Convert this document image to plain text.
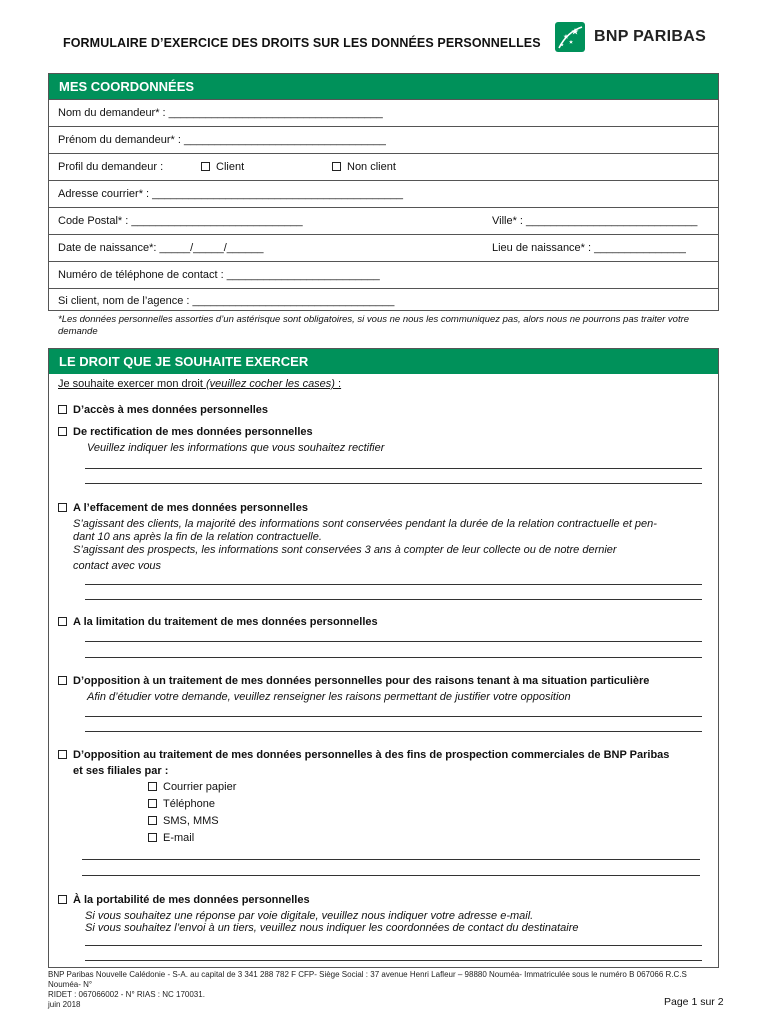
FORMULAIRE D’EXERCICE DES DROITS SUR LES DONNÉES PERSONNELLES	BNP PARIBAS
MES COORDONNÉES
Nom du demandeur* : ___________________________________
Prénom du demandeur* : _________________________________
Profil du demandeur :	Client	Non client
Adresse courrier* : _________________________________________
Code Postal* : ____________________________	Ville* : ____________________________
Date de naissance*: _____/_____/______	Lieu de naissance* : _______________
Numéro de téléphone de contact : _________________________
Si client, nom de l’agence : _________________________________
*Les données personnelles assorties d’un astérisque sont obligatoires, si vous ne nous les communiquez pas, alors nous ne pourrons pas traiter votre demande
LE DROIT QUE JE SOUHAITE EXERCER
Je souhaite exercer mon droit (veuillez cocher les cases) :
D’accès à mes données personnelles
De rectification de mes données personnelles
Veuillez indiquer les informations que vous souhaitez rectifier
A l’effacement de mes données personnelles
S’agissant des clients, la majorité des informations sont conservées pendant la durée de la relation contractuelle et pen-
dant 10 ans après la fin de la relation contractuelle.
S’agissant des prospects, les informations sont conservées 3 ans à compter de leur collecte ou de notre dernier
contact avec vous
A la limitation du traitement de mes données personnelles
D’opposition à un traitement de mes données personnelles pour des raisons tenant à ma situation particulière
Afin d’étudier votre demande, veuillez renseigner les raisons permettant de justifier votre opposition
D’opposition au traitement de mes données personnelles à des fins de prospection commerciales de BNP Paribas
et ses filiales par :
Courrier papier
Téléphone
SMS, MMS
E-mail
À la portabilité de mes données personnelles
Si vous souhaitez une réponse par voie digitale, veuillez nous indiquer votre adresse e-mail.
Si vous souhaitez l’envoi à un tiers, veuillez nous indiquer les coordonnées de contact du destinataire
BNP Paribas Nouvelle Calédonie - S-A. au capital de 3 341 288 782 F CFP- Siège Social : 37 avenue Henri Lafleur – 98880 Nouméa- Immatriculée sous le numéro B 067066 R.C.S Nouméa- N°
RIDET : 067066002 - N° RIAS : NC 170031.
juin 2018	Page 1 sur 2
